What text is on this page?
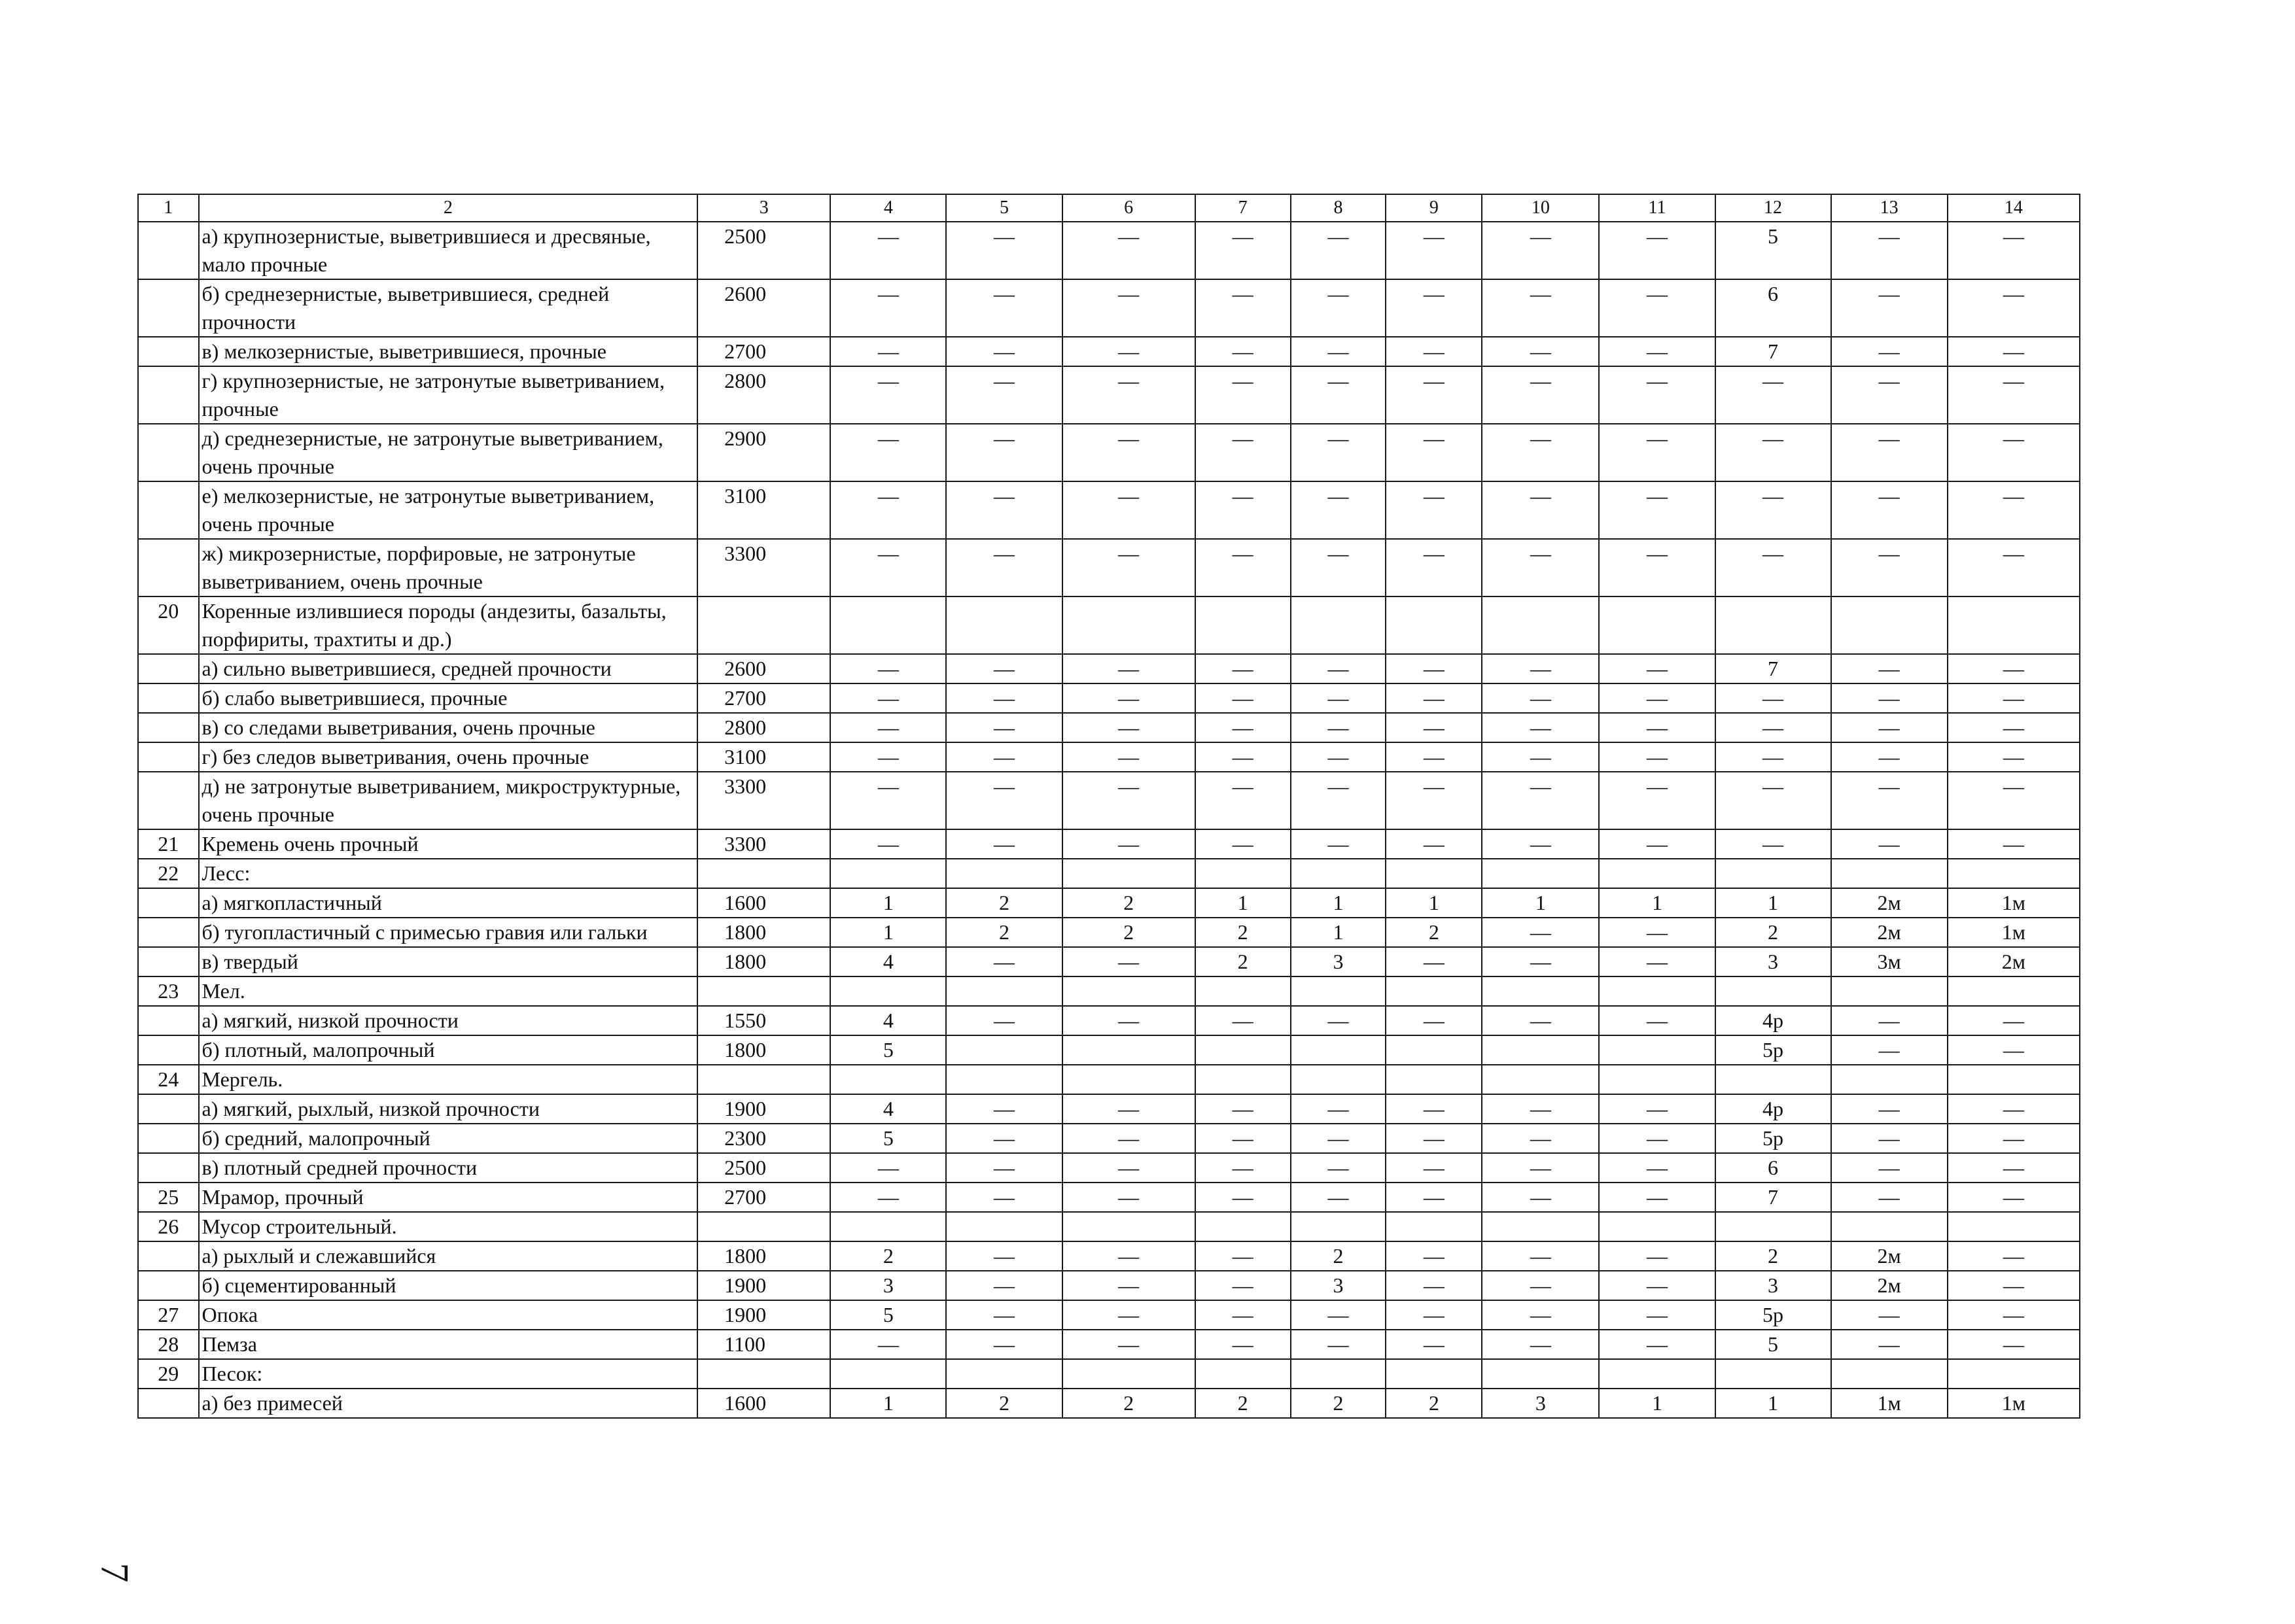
1	2	3	4	5	6	7	8	9	10	11	12	13	14
	а) крупнозернистые, выветрившиеся и дресвяные, мало прочные	2500	—	—	—	—	—	—	—	—	5	—	—
	б) среднезернистые, выветрившиеся, средней прочности	2600	—	—	—	—	—	—	—	—	6	—	—
	в) мелкозернистые, выветрившиеся, прочные	2700	—	—	—	—	—	—	—	—	7	—	—
	г) крупнозернистые, не затронутые выветриванием, прочные	2800	—	—	—	—	—	—	—	—	—	—	—
	д) среднезернистые, не затронутые выветриванием, очень прочные	2900	—	—	—	—	—	—	—	—	—	—	—
	е) мелкозернистые, не затронутые выветриванием, очень прочные	3100	—	—	—	—	—	—	—	—	—	—	—
	ж) микрозернистые, порфировые, не затронутые выветриванием, очень прочные	3300	—	—	—	—	—	—	—	—	—	—	—
20	Коренные излившиеся породы (андезиты, базальты, порфириты, трахтиты и др.)												
	а) сильно выветрившиеся, средней прочности	2600	—	—	—	—	—	—	—	—	7	—	—
	б) слабо выветрившиеся, прочные	2700	—	—	—	—	—	—	—	—	—	—	—
	в) со следами выветривания, очень прочные	2800	—	—	—	—	—	—	—	—	—	—	—
	г) без следов выветривания, очень прочные	3100	—	—	—	—	—	—	—	—	—	—	—
	д) не затронутые выветриванием, микроструктурные, очень прочные	3300	—	—	—	—	—	—	—	—	—	—	—
21	Кремень очень прочный	3300	—	—	—	—	—	—	—	—	—	—	—
22	Лесс:												
	а) мягкопластичный	1600	1	2	2	1	1	1	1	1	1	2м	1м
	б) тугопластичный с примесью гравия или гальки	1800	1	2	2	2	1	2	—	—	2	2м	1м
	в) твердый	1800	4	—	—	2	3	—	—	—	3	3м	2м
23	Мел.												
	а) мягкий, низкой прочности	1550	4	—	—	—	—	—	—	—	4р	—	—
	б) плотный, малопрочный	1800	5								5р	—	—
24	Мергель.												
	а) мягкий, рыхлый, низкой прочности	1900	4	—	—	—	—	—	—	—	4р	—	—
	б) средний, малопрочный	2300	5	—	—	—	—	—	—	—	5р	—	—
	в) плотный средней прочности	2500	—	—	—	—	—	—	—	—	6	—	—
25	Мрамор, прочный	2700	—	—	—	—	—	—	—	—	7	—	—
26	Мусор строительный.												
	а) рыхлый и слежавшийся	1800	2	—	—	—	2	—	—	—	2	2м	—
	б) сцементированный	1900	3	—	—	—	3	—	—	—	3	2м	—
27	Опока	1900	5	—	—	—	—	—	—	—	5р	—	—
28	Пемза	1100	—	—	—	—	—	—	—	—	5	—	—
29	Песок:												
	а) без примесей	1600	1	2	2	2	2	2	3	1	1	1м	1м
7
